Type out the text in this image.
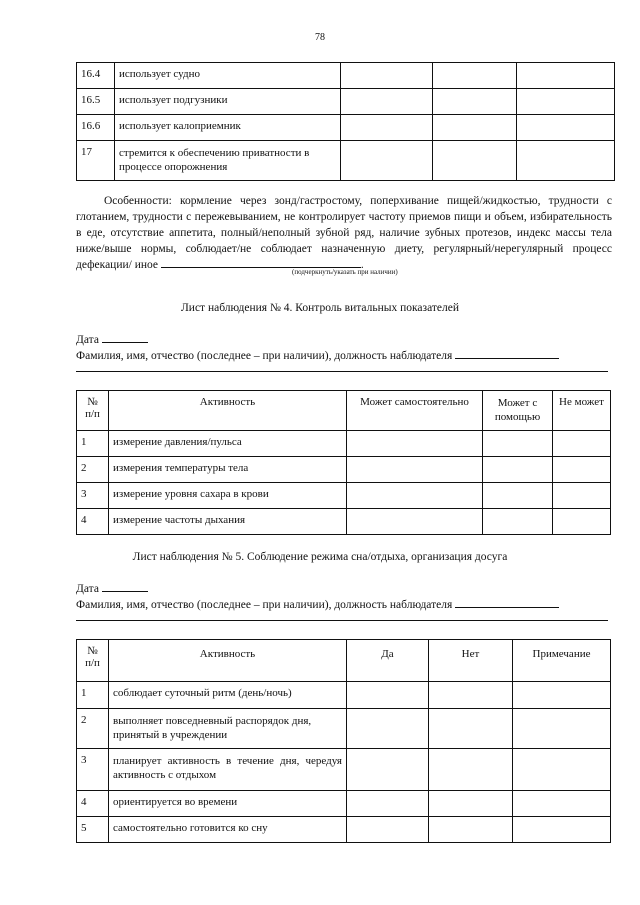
78
16.4	использует судно			
16.5	использует подгузники			
16.6	использует калоприемник			
17	стремится к обеспечению приватности в процессе опорожнения			
Особенности: кормление через зонд/гастростому, поперхивание пищей/жидкостью, трудности с глотанием, трудности с пережевыванием, не контролирует частоту приемов пищи и объем, избирательность в еде, отсутствие аппетита, полный/неполный зубной ряд, наличие зубных протезов, индекс массы тела ниже/выше нормы, соблюдает/не соблюдает назначенную диету, регулярный/нерегулярный процесс дефекации/ иное	.
(подчеркнуть/указать при наличии)
Лист наблюдения № 4. Контроль витальных показателей
Дата
Фамилия, имя, отчество (последнее – при наличии), должность наблюдателя
№ п/п	Активность	Может самостоятельно	Может с помощью	Не может
1	измерение давления/пульса			
2	измерения температуры тела			
3	измерение уровня сахара в крови			
4	измерение частоты дыхания			
Лист наблюдения № 5. Соблюдение режима сна/отдыха, организация досуга
Дата
Фамилия, имя, отчество (последнее – при наличии), должность наблюдателя
№ п/п	Активность	Да	Нет	Примечание
1	соблюдает суточный ритм (день/ночь)			
2	выполняет повседневный распорядок дня, принятый в учреждении			
3	планирует активность в течение дня, чередуя активность с отдыхом			
4	ориентируется во времени			
5	самостоятельно готовится ко сну			
